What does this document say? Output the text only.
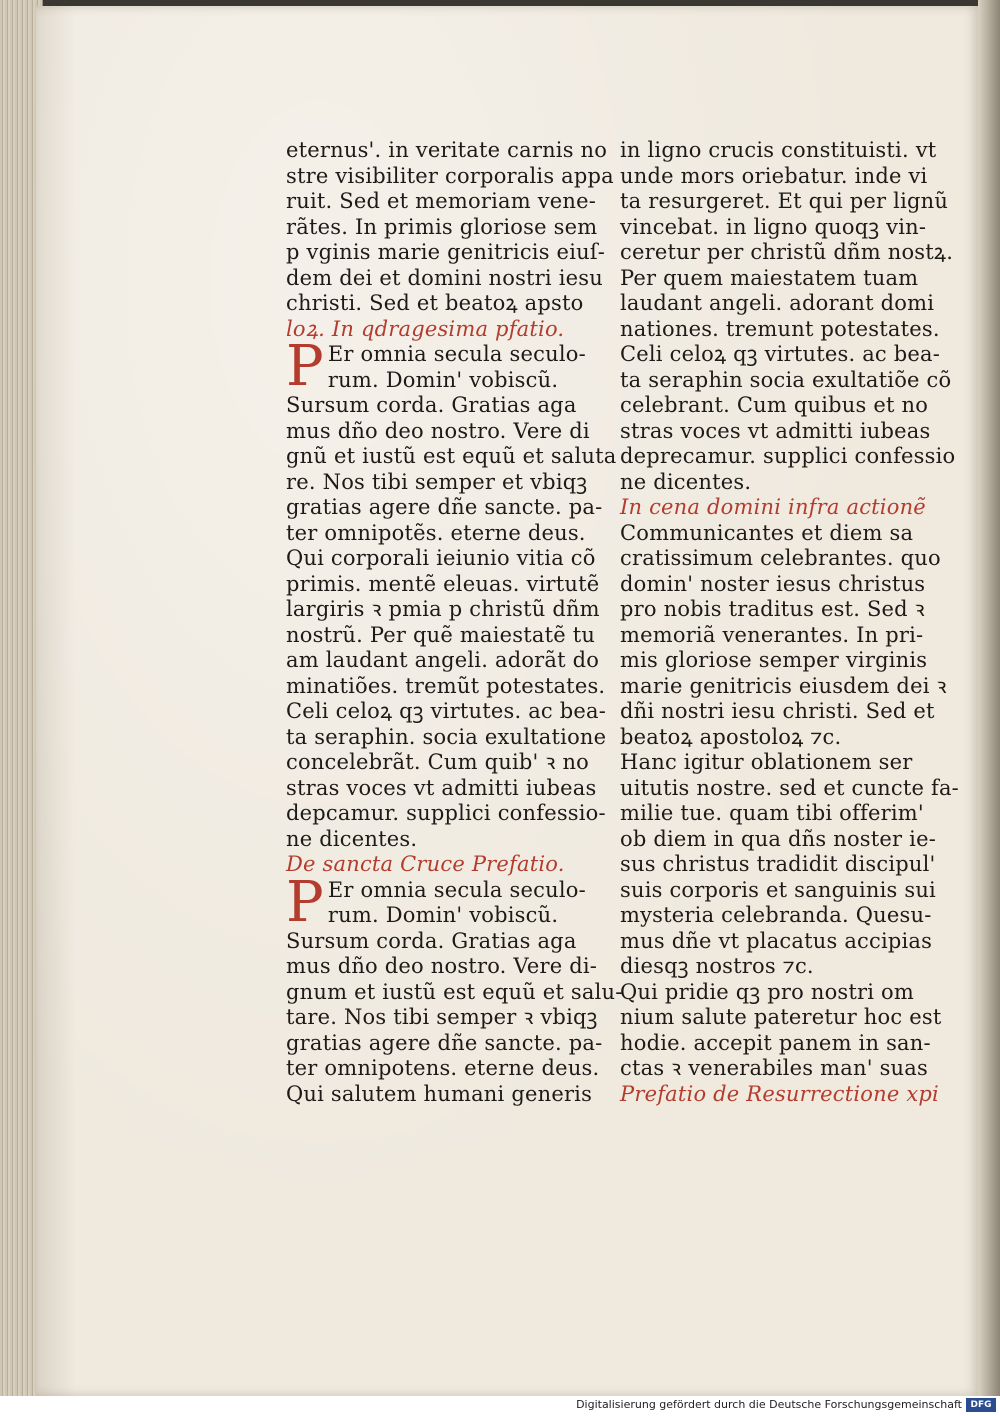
eternus'. in veritate carnis no
stre visibiliter corporalis appa
ruit. Sed et memoriam vene-
rãtes. In primis gloriose sem
p vginis marie genitricis eiuſ-
dem dei et domini nostri iesu
christi. Sed et beatoꝝ apsto
loꝝ. In qdragesima pfatio.
P Er omnia secula seculo-
rum. Domin' vobiscũ.
Sursum corda. Gratias aga
mus dño deo nostro. Vere di
gnũ et iustũ est equũ et saluta
re. Nos tibi semper et vbiqꝫ
gratias agere dñe sancte. pa-
ter omnipotẽs. eterne deus.
Qui corporali ieiunio vitia cõ
primis. mentẽ eleuas. virtutẽ
largiris ꝛ pmia p christũ dñm
nostrũ. Per quẽ maiestatẽ tu
am laudant angeli. adorãt do
minatiões. tremũt potestates.
Celi celoꝝ qꝫ virtutes. ac bea-
ta seraphin. socia exultatione
concelebrãt. Cum quib' ꝛ no
stras voces vt admitti iubeas
depcamur. supplici confessio-
ne dicentes.
De sancta Cruce Prefatio.
P Er omnia secula seculo-
rum. Domin' vobiscũ.
Sursum corda. Gratias aga
mus dño deo nostro. Vere di-
gnum et iustũ est equũ et salu-
tare. Nos tibi semper ꝛ vbiqꝫ
gratias agere dñe sancte. pa-
ter omnipotens. eterne deus.
Qui salutem humani generis
in ligno crucis constituisti. vt
unde mors oriebatur. inde vi
ta resurgeret. Et qui per lignũ
vincebat. in ligno quoqꝫ vin-
ceretur per christũ dñm nostꝝ.
Per quem maiestatem tuam
laudant angeli. adorant domi
nationes. tremunt potestates.
Celi celoꝝ qꝫ virtutes. ac bea-
ta seraphin socia exultatiõe cõ
celebrant. Cum quibus et no
stras voces vt admitti iubeas
deprecamur. supplici confessio
ne dicentes.
In cena domini infra actionẽ
Communicantes et diem sa
cratissimum celebrantes. quo
domin' noster iesus christus
pro nobis traditus est. Sed ꝛ
memoriã venerantes. In pri-
mis gloriose semper virginis
marie genitricis eiusdem dei ꝛ
dñi nostri iesu christi. Sed et
beatoꝝ apostoloꝝ ⁊c.
Hanc igitur oblationem ser
uitutis nostre. sed et cuncte fa-
milie tue. quam tibi offerim'
ob diem in qua dñs noster ie-
sus christus tradidit discipul'
suis corporis et sanguinis sui
mysteria celebranda. Quesu-
mus dñe vt placatus accipias
diesqꝫ nostros ⁊c.
Qui pridie qꝫ pro nostri om
nium salute pateretur hoc est
hodie. accepit panem in san-
ctas ꝛ venerabiles man' suas
Prefatio de Resurrectione xpi
Digitalisierung gefördert durch die Deutsche Forschungsgemeinschaft DFG
